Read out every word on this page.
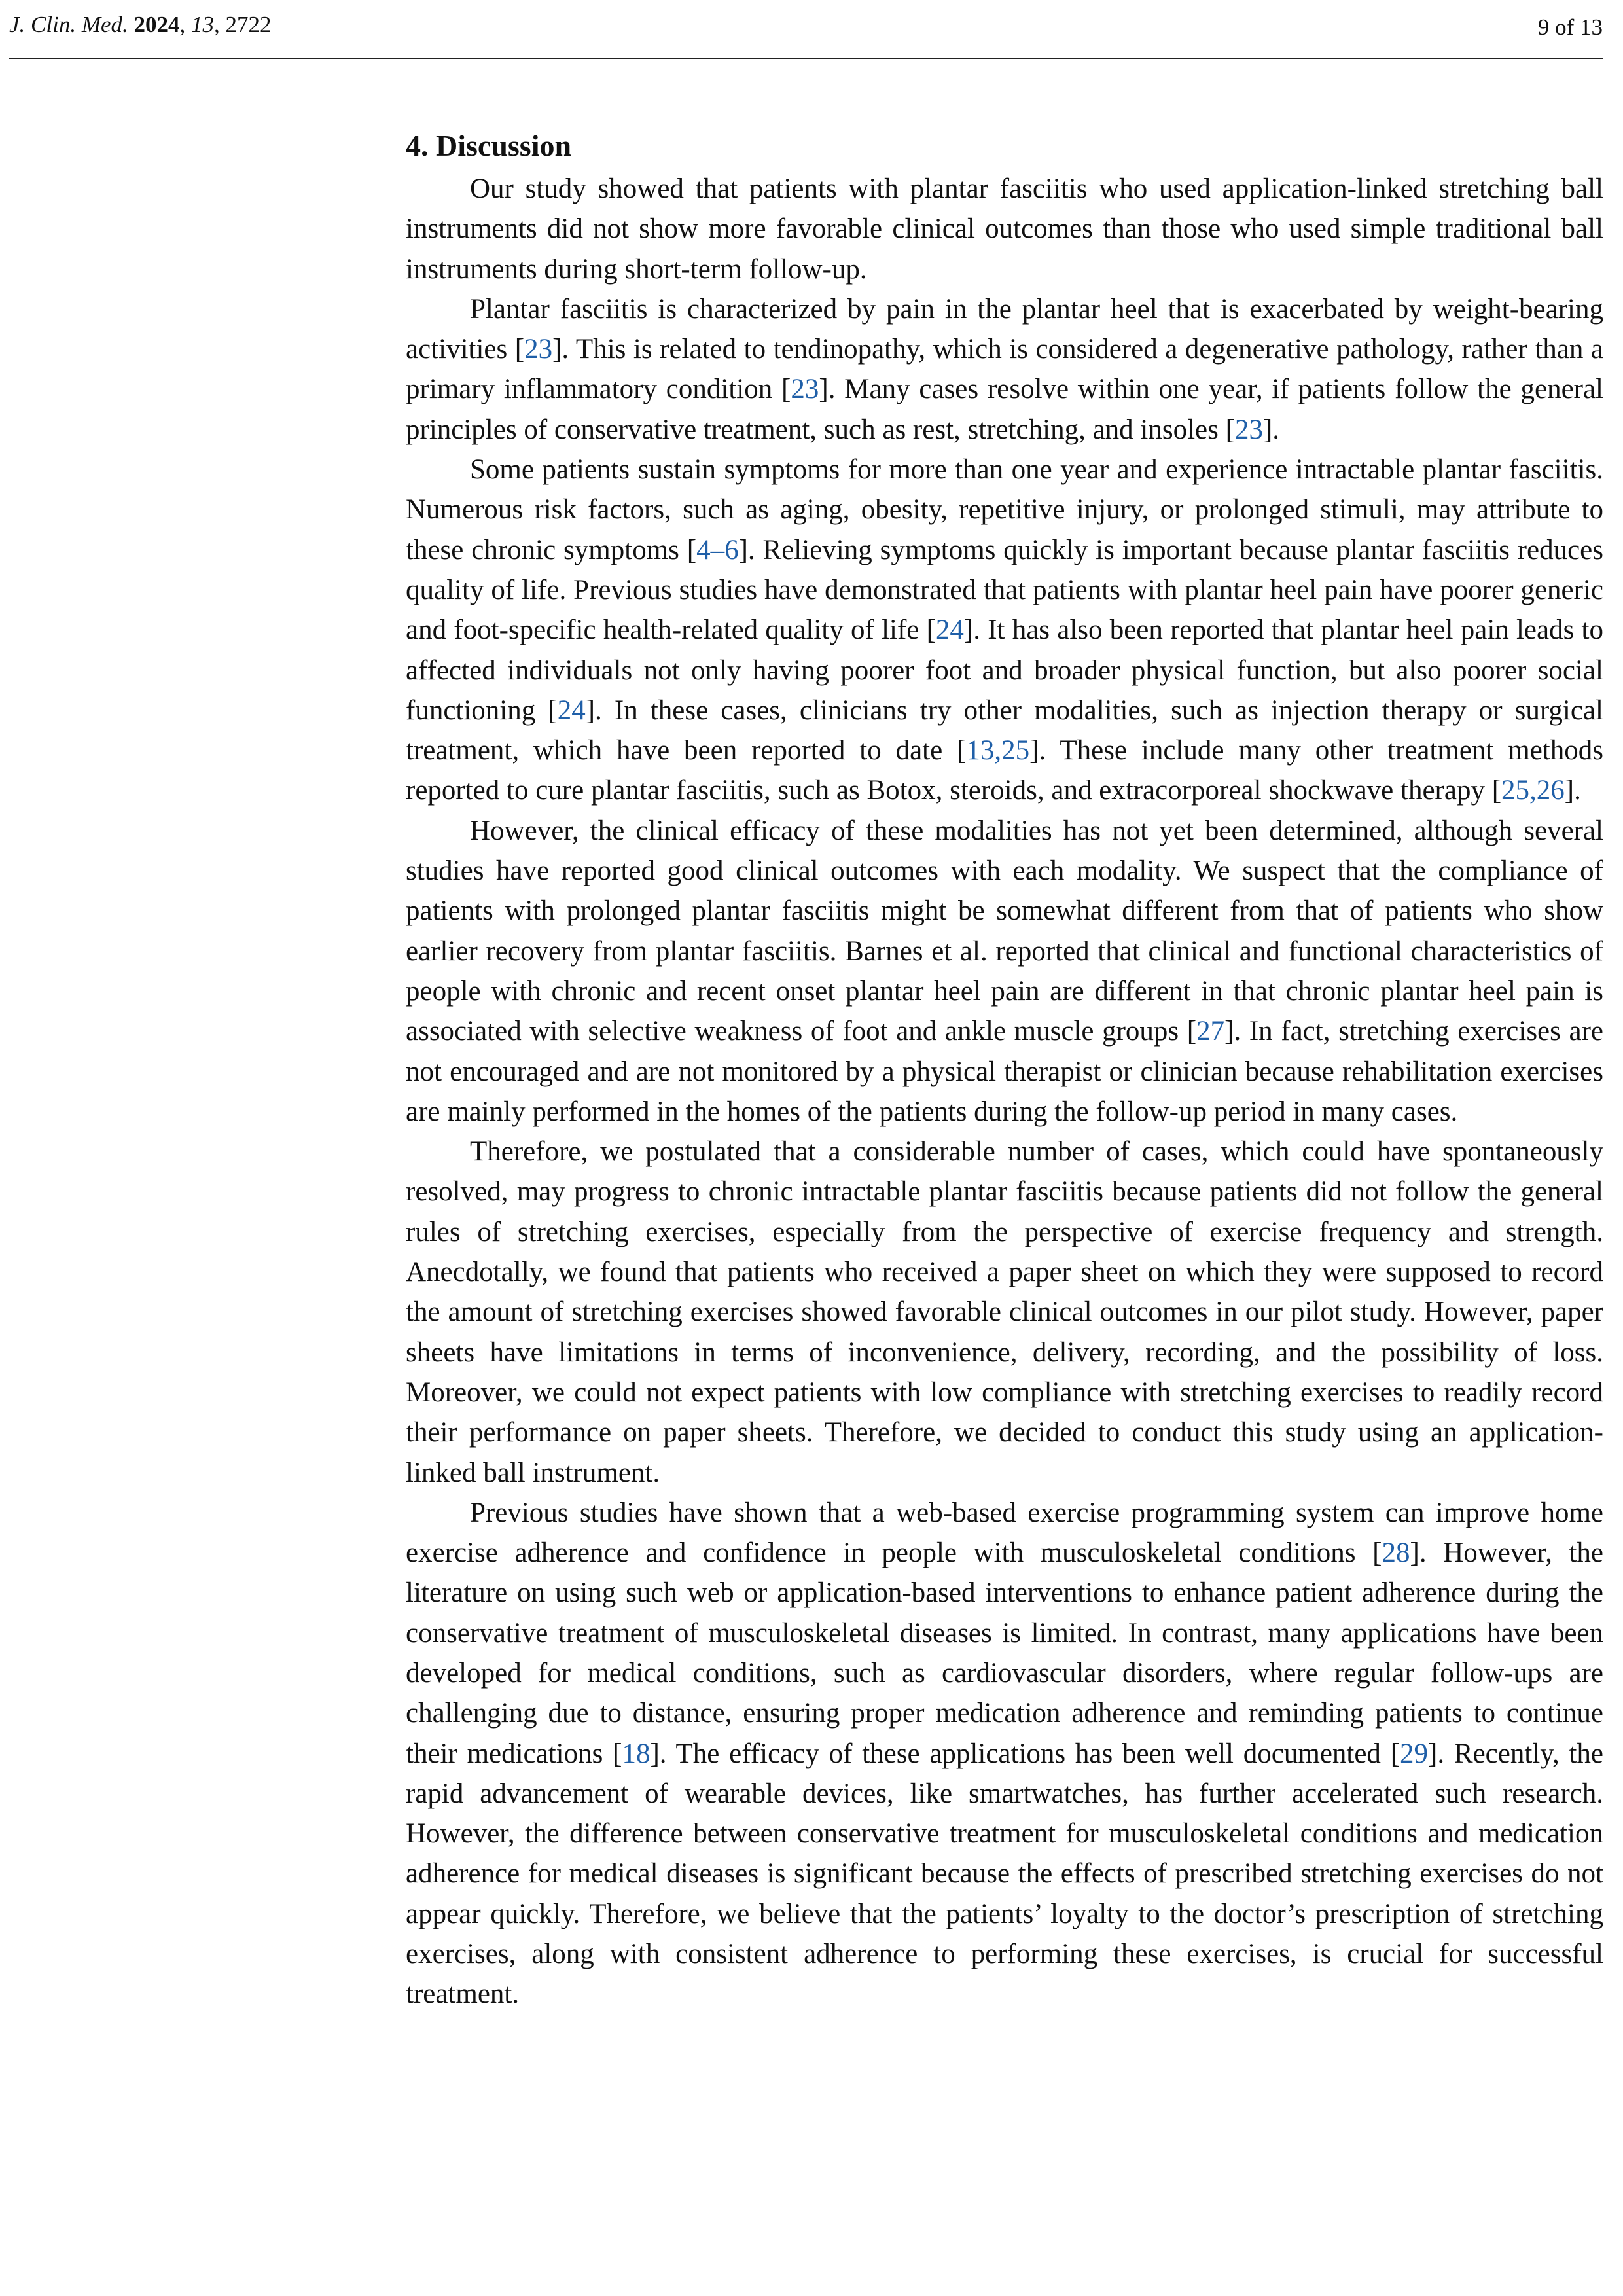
J. Clin. Med. 2024, 13, 2722	9 of 13
4. Discussion

Our study showed that patients with plantar fasciitis who used application-linked stretching ball instruments did not show more favorable clinical outcomes than those who used simple traditional ball instruments during short-term follow-up.

Plantar fasciitis is characterized by pain in the plantar heel that is exacerbated by weight-bearing activities [23]. This is related to tendinopathy, which is considered a degenerative pathology, rather than a primary inflammatory condition [23]. Many cases resolve within one year, if patients follow the general principles of conservative treatment, such as rest, stretching, and insoles [23].

Some patients sustain symptoms for more than one year and experience intractable plantar fasciitis. Numerous risk factors, such as aging, obesity, repetitive injury, or prolonged stimuli, may attribute to these chronic symptoms [4–6]. Relieving symptoms quickly is important because plantar fasciitis reduces quality of life. Previous studies have demonstrated that patients with plantar heel pain have poorer generic and foot-specific health-related quality of life [24]. It has also been reported that plantar heel pain leads to affected individuals not only having poorer foot and broader physical function, but also poorer social functioning [24]. In these cases, clinicians try other modalities, such as injection therapy or surgical treatment, which have been reported to date [13,25]. These include many other treatment methods reported to cure plantar fasciitis, such as Botox, steroids, and extracorporeal shockwave therapy [25,26].

However, the clinical efficacy of these modalities has not yet been determined, although several studies have reported good clinical outcomes with each modality. We suspect that the compliance of patients with prolonged plantar fasciitis might be somewhat different from that of patients who show earlier recovery from plantar fasciitis. Barnes et al. reported that clinical and functional characteristics of people with chronic and recent onset plantar heel pain are different in that chronic plantar heel pain is associated with selective weakness of foot and ankle muscle groups [27]. In fact, stretching exercises are not encouraged and are not monitored by a physical therapist or clinician because rehabilitation exercises are mainly performed in the homes of the patients during the follow-up period in many cases.

Therefore, we postulated that a considerable number of cases, which could have spontaneously resolved, may progress to chronic intractable plantar fasciitis because patients did not follow the general rules of stretching exercises, especially from the perspective of exercise frequency and strength. Anecdotally, we found that patients who received a paper sheet on which they were supposed to record the amount of stretching exercises showed favorable clinical outcomes in our pilot study. However, paper sheets have limitations in terms of inconvenience, delivery, recording, and the possibility of loss. Moreover, we could not expect patients with low compliance with stretching exercises to readily record their performance on paper sheets. Therefore, we decided to conduct this study using an application-linked ball instrument.

Previous studies have shown that a web-based exercise programming system can improve home exercise adherence and confidence in people with musculoskeletal conditions [28]. However, the literature on using such web or application-based interventions to enhance patient adherence during the conservative treatment of musculoskeletal diseases is limited. In contrast, many applications have been developed for medical conditions, such as cardiovascular disorders, where regular follow-ups are challenging due to distance, ensuring proper medication adherence and reminding patients to continue their medications [18]. The efficacy of these applications has been well documented [29]. Recently, the rapid advancement of wearable devices, like smartwatches, has further accelerated such research. However, the difference between conservative treatment for musculoskeletal conditions and medication adherence for medical diseases is significant because the effects of prescribed stretching exercises do not appear quickly. Therefore, we believe that the patients’ loyalty to the doctor’s prescription of stretching exercises, along with consistent adherence to performing these exercises, is crucial for successful treatment.
